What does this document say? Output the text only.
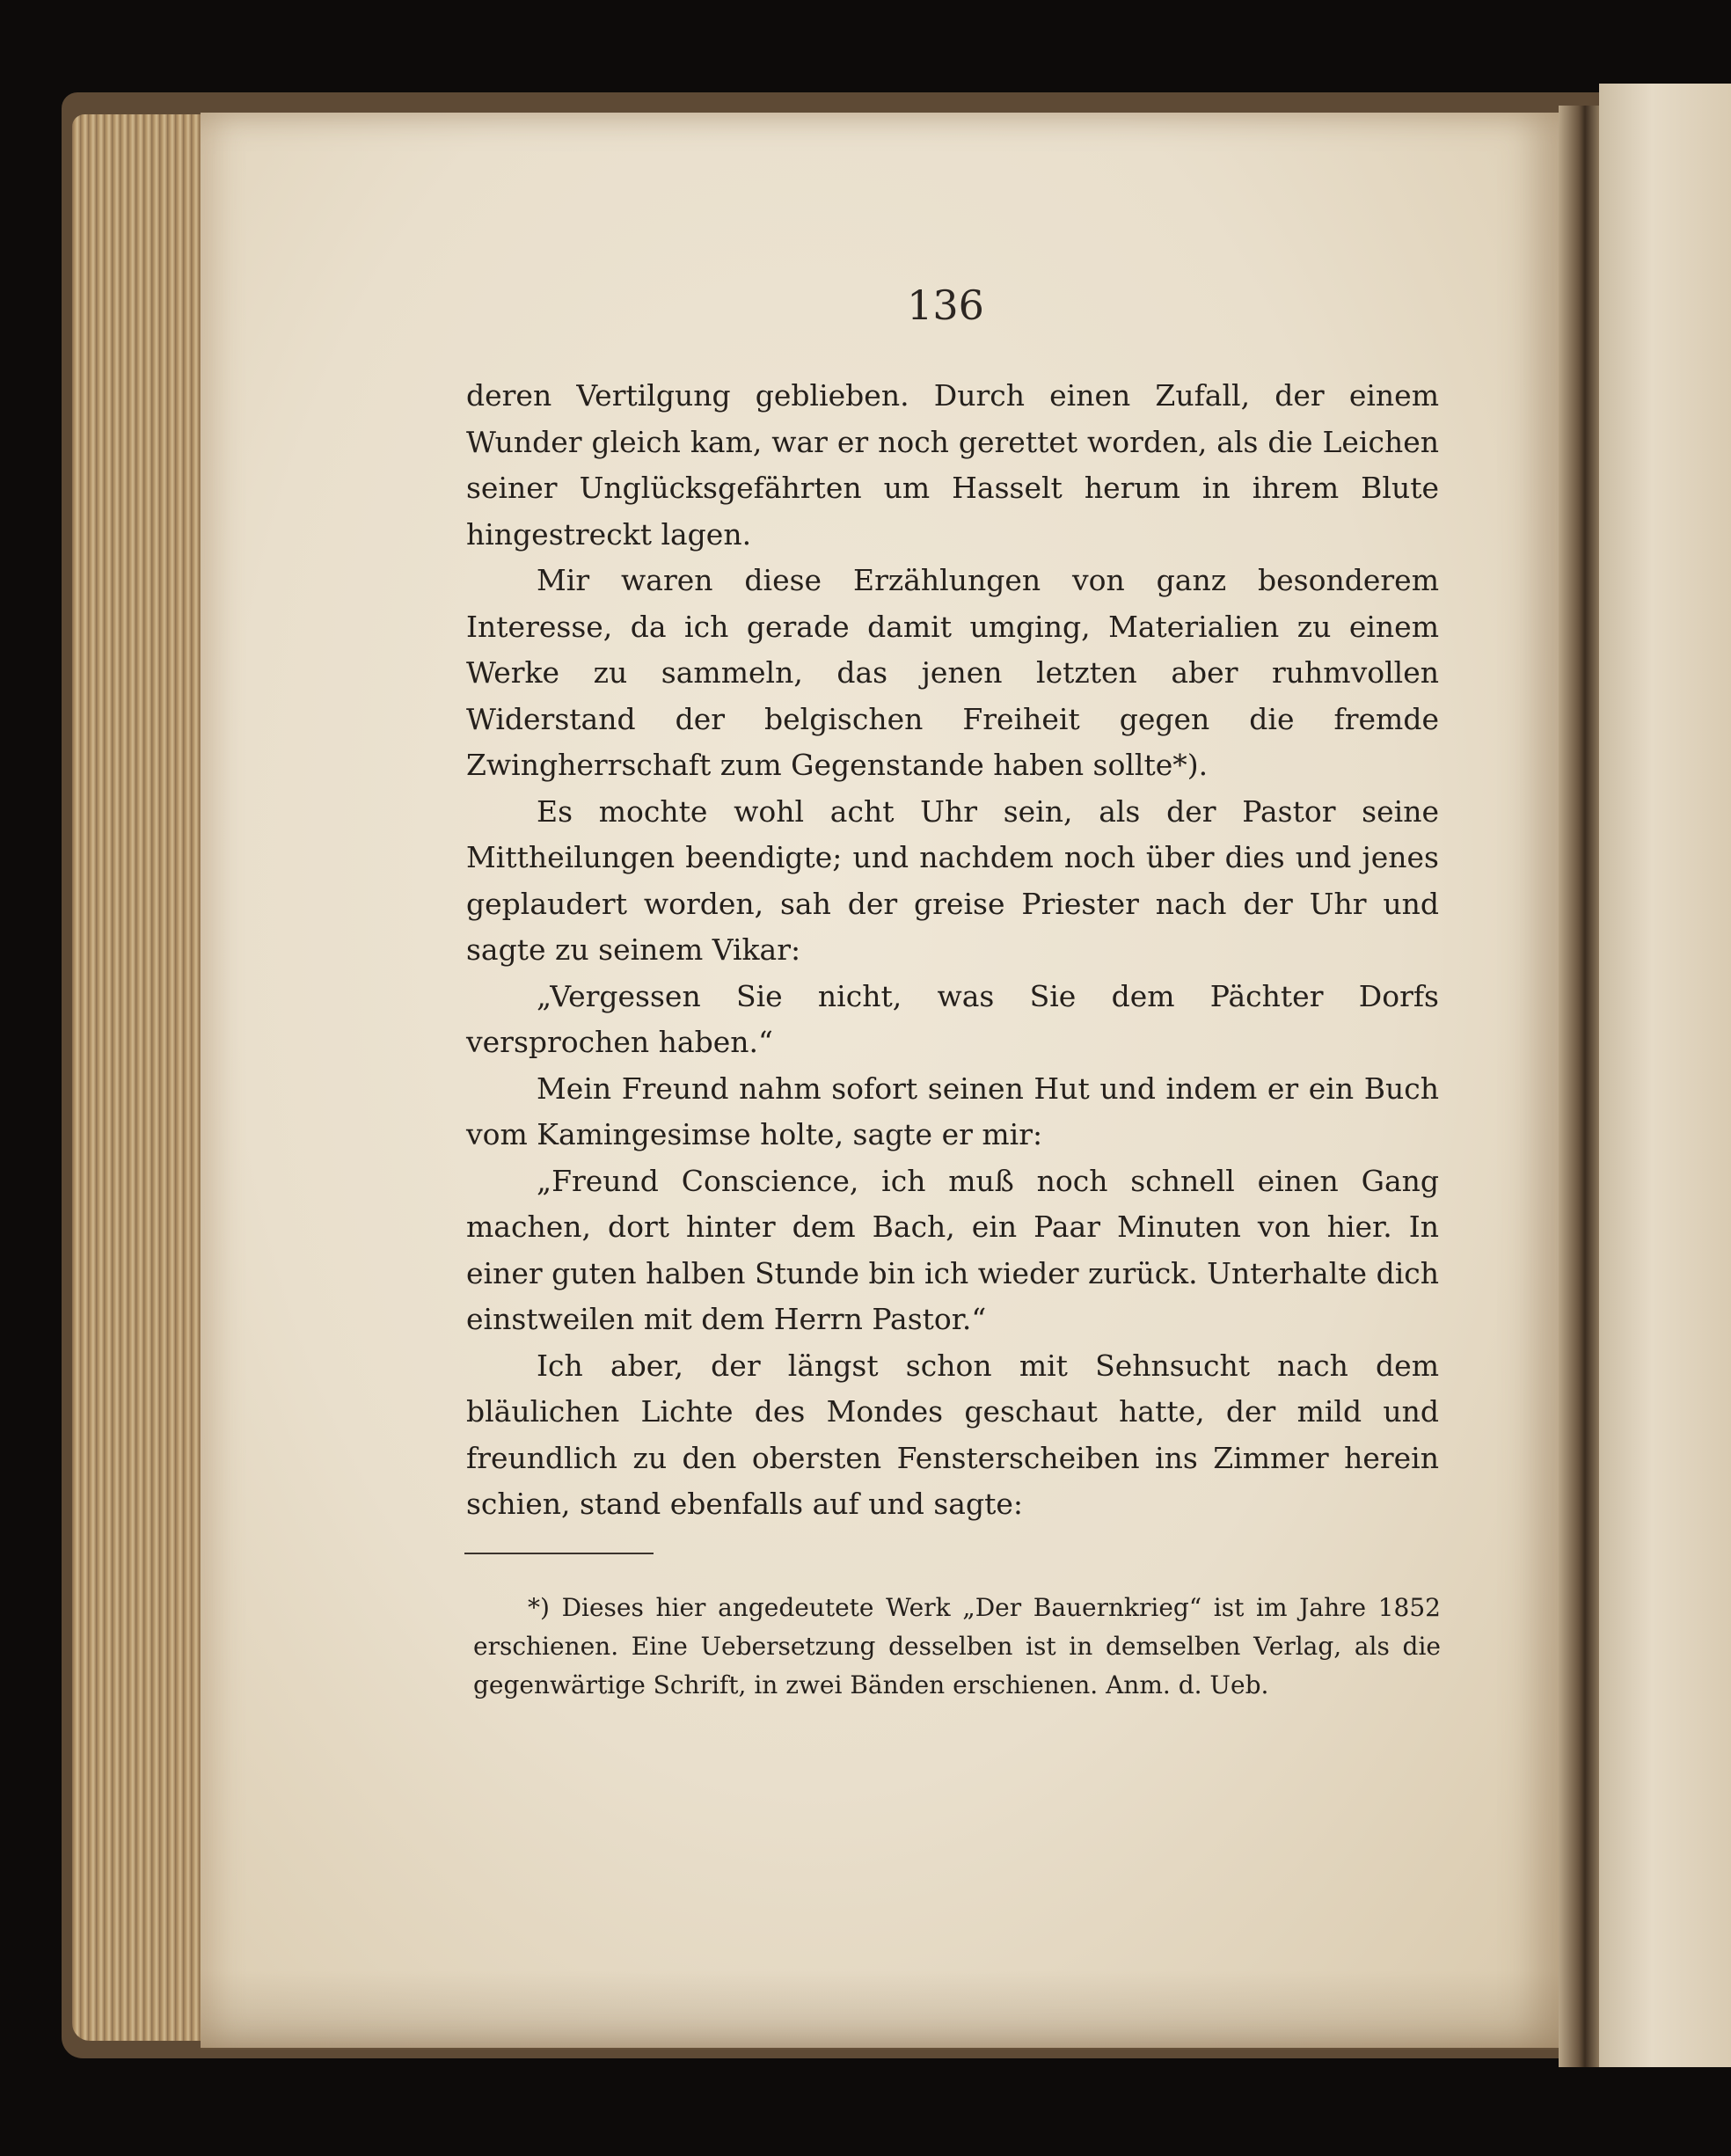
136

deren Vertilgung geblieben. Durch einen Zufall, der einem Wunder gleich kam, war er noch gerettet worden, als die Leichen seiner Unglücksgefährten um Hasselt herum in ihrem Blute hingestreckt lagen.

Mir waren diese Erzählungen von ganz besonderem Interesse, da ich gerade damit umging, Materialien zu einem Werke zu sammeln, das jenen letzten aber ruhmvollen Widerstand der belgischen Freiheit gegen die fremde Zwingherrschaft zum Gegenstande haben sollte*).

Es mochte wohl acht Uhr sein, als der Pastor seine Mittheilungen beendigte; und nachdem noch über dies und jenes geplaudert worden, sah der greise Priester nach der Uhr und sagte zu seinem Vikar:

„Vergessen Sie nicht, was Sie dem Pächter Dorfs versprochen haben.“

Mein Freund nahm sofort seinen Hut und indem er ein Buch vom Kamingesimse holte, sagte er mir:

„Freund Conscience, ich muß noch schnell einen Gang machen, dort hinter dem Bach, ein Paar Minuten von hier. In einer guten halben Stunde bin ich wieder zurück. Unterhalte dich einstweilen mit dem Herrn Pastor.“

Ich aber, der längst schon mit Sehnsucht nach dem bläulichen Lichte des Mondes geschaut hatte, der mild und freundlich zu den obersten Fensterscheiben ins Zimmer herein schien, stand ebenfalls auf und sagte:

*) Dieses hier angedeutete Werk „Der Bauernkrieg“ ist im Jahre 1852 erschienen. Eine Uebersetzung desselben ist in demselben Verlag, als die gegenwärtige Schrift, in zwei Bänden erschienen. Anm. d. Ueb.
